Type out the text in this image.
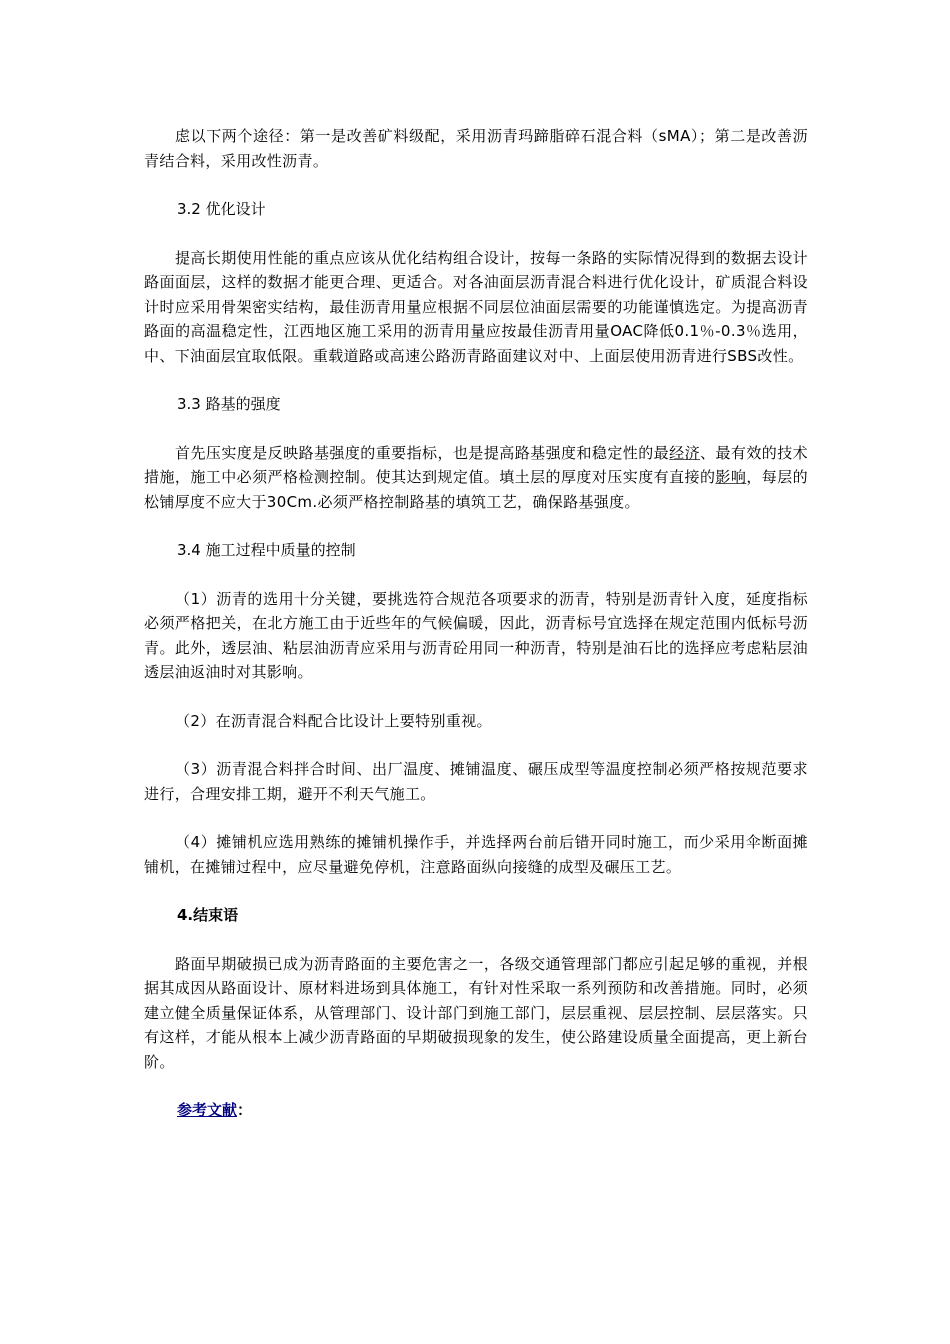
虑以下两个途径：第一是改善矿料级配，采用沥青玛蹄脂碎石混合料（sMA）；第二是改善沥青结合料，采用改性沥青。

3.2 优化设计

提高长期使用性能的重点应该从优化结构组合设计，按每一条路的实际情况得到的数据去设计路面面层，这样的数据才能更合理、更适合。对各油面层沥青混合料进行优化设计，矿质混合料设计时应采用骨架密实结构，最佳沥青用量应根据不同层位油面层需要的功能谨慎选定。为提高沥青路面的高温稳定性，江西地区施工采用的沥青用量应按最佳沥青用量OAC降低0.1％-0.3％选用，中、下油面层宜取低限。重载道路或高速公路沥青路面建议对中、上面层使用沥青进行SBS改性。

3.3 路基的强度

首先压实度是反映路基强度的重要指标，也是提高路基强度和稳定性的最经济、最有效的技术措施，施工中必须严格检测控制。使其达到规定值。填土层的厚度对压实度有直接的影响，每层的松铺厚度不应大于30Cm.必须严格控制路基的填筑工艺，确保路基强度。

3.4 施工过程中质量的控制

（1）沥青的选用十分关键，要挑选符合规范各项要求的沥青，特别是沥青针入度，延度指标必须严格把关，在北方施工由于近些年的气候偏暖，因此，沥青标号宜选择在规定范围内低标号沥青。此外，透层油、粘层油沥青应采用与沥青砼用同一种沥青，特别是油石比的选择应考虑粘层油透层油返油时对其影响。

（2）在沥青混合料配合比设计上要特别重视。

（3）沥青混合料拌合时间、出厂温度、摊铺温度、碾压成型等温度控制必须严格按规范要求进行，合理安排工期，避开不利天气施工。

（4）摊铺机应选用熟练的摊铺机操作手，并选择两台前后错开同时施工，而少采用伞断面摊铺机，在摊铺过程中，应尽量避免停机，注意路面纵向接缝的成型及碾压工艺。

4.结束语

路面早期破损已成为沥青路面的主要危害之一，各级交通管理部门都应引起足够的重视，并根据其成因从路面设计、原材料进场到具体施工，有针对性采取一系列预防和改善措施。同时，必须建立健全质量保证体系，从管理部门、设计部门到施工部门，层层重视、层层控制、层层落实。只有这样，才能从根本上减少沥青路面的早期破损现象的发生，使公路建设质量全面提高，更上新台阶。

参考文献：
